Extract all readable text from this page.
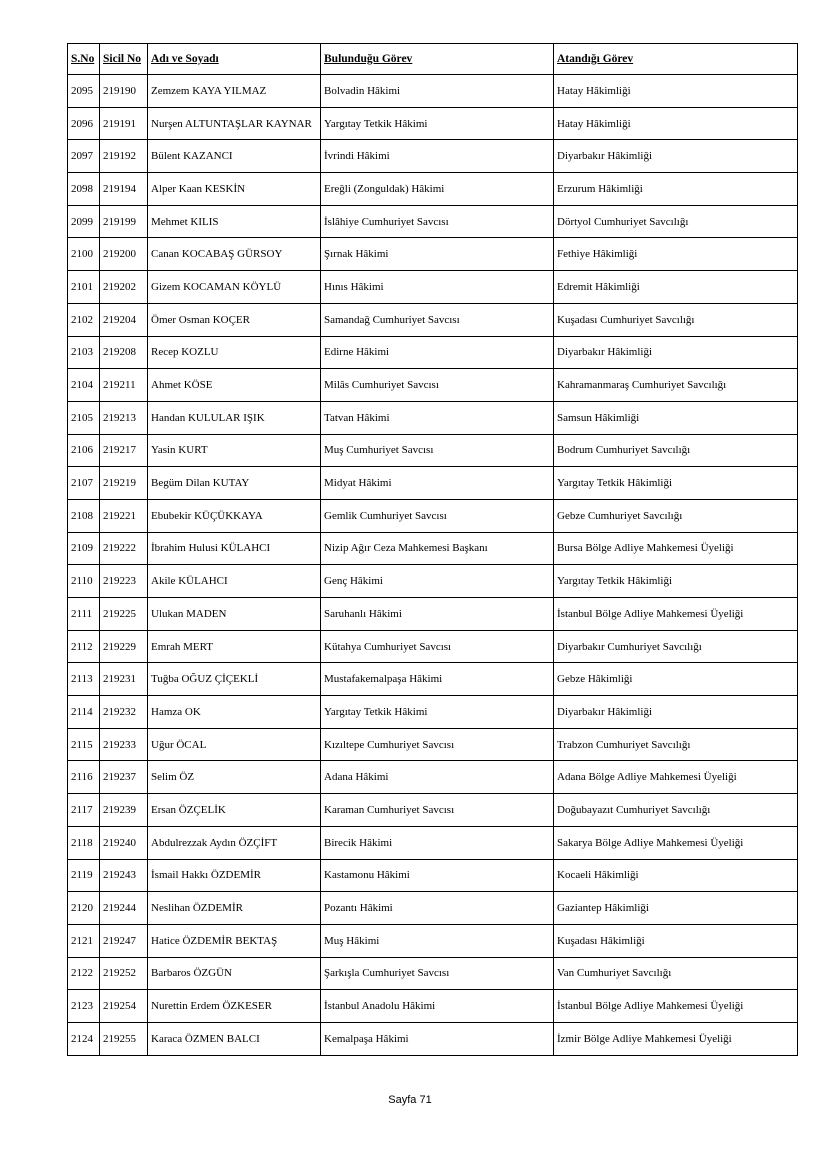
S.No	Sicil No	Adı ve Soyadı	Bulunduğu Görev	Atandığı Görev
2095	219190	Zemzem KAYA YILMAZ	Bolvadin Hâkimi	Hatay Hâkimliği
2096	219191	Nurşen ALTUNTAŞLAR KAYNAR	Yargıtay Tetkik Hâkimi	Hatay Hâkimliği
2097	219192	Bülent KAZANCI	İvrindi Hâkimi	Diyarbakır Hâkimliği
2098	219194	Alper Kaan KESKİN	Ereğli (Zonguldak) Hâkimi	Erzurum Hâkimliği
2099	219199	Mehmet KILIS	İslâhiye Cumhuriyet Savcısı	Dörtyol Cumhuriyet Savcılığı
2100	219200	Canan KOCABAŞ GÜRSOY	Şırnak Hâkimi	Fethiye Hâkimliği
2101	219202	Gizem KOCAMAN KÖYLÜ	Hınıs Hâkimi	Edremit Hâkimliği
2102	219204	Ömer Osman KOÇER	Samandağ Cumhuriyet Savcısı	Kuşadası Cumhuriyet Savcılığı
2103	219208	Recep KOZLU	Edirne Hâkimi	Diyarbakır Hâkimliği
2104	219211	Ahmet KÖSE	Milâs Cumhuriyet Savcısı	Kahramanmaraş Cumhuriyet Savcılığı
2105	219213	Handan KULULAR IŞIK	Tatvan Hâkimi	Samsun Hâkimliği
2106	219217	Yasin KURT	Muş Cumhuriyet Savcısı	Bodrum Cumhuriyet Savcılığı
2107	219219	Begüm Dilan KUTAY	Midyat Hâkimi	Yargıtay Tetkik Hâkimliği
2108	219221	Ebubekir KÜÇÜKKAYA	Gemlik Cumhuriyet Savcısı	Gebze Cumhuriyet Savcılığı
2109	219222	İbrahim Hulusi KÜLAHCI	Nizip Ağır Ceza Mahkemesi Başkanı	Bursa Bölge Adliye Mahkemesi Üyeliği
2110	219223	Akile KÜLAHCI	Genç Hâkimi	Yargıtay Tetkik Hâkimliği
2111	219225	Ulukan MADEN	Saruhanlı Hâkimi	İstanbul Bölge Adliye Mahkemesi Üyeliği
2112	219229	Emrah MERT	Kütahya Cumhuriyet Savcısı	Diyarbakır Cumhuriyet Savcılığı
2113	219231	Tuğba OĞUZ ÇİÇEKLİ	Mustafakemalpaşa Hâkimi	Gebze Hâkimliği
2114	219232	Hamza OK	Yargıtay Tetkik Hâkimi	Diyarbakır Hâkimliği
2115	219233	Uğur ÖCAL	Kızıltepe Cumhuriyet Savcısı	Trabzon Cumhuriyet Savcılığı
2116	219237	Selim ÖZ	Adana Hâkimi	Adana Bölge Adliye Mahkemesi Üyeliği
2117	219239	Ersan ÖZÇELİK	Karaman Cumhuriyet Savcısı	Doğubayazıt Cumhuriyet Savcılığı
2118	219240	Abdulrezzak Aydın ÖZÇİFT	Birecik Hâkimi	Sakarya Bölge Adliye Mahkemesi Üyeliği
2119	219243	İsmail Hakkı ÖZDEMİR	Kastamonu Hâkimi	Kocaeli Hâkimliği
2120	219244	Neslihan ÖZDEMİR	Pozantı Hâkimi	Gaziantep Hâkimliği
2121	219247	Hatice ÖZDEMİR BEKTAŞ	Muş Hâkimi	Kuşadası Hâkimliği
2122	219252	Barbaros ÖZGÜN	Şarkışla Cumhuriyet Savcısı	Van Cumhuriyet Savcılığı
2123	219254	Nurettin Erdem ÖZKESER	İstanbul Anadolu Hâkimi	İstanbul Bölge Adliye Mahkemesi Üyeliği
2124	219255	Karaca ÖZMEN BALCI	Kemalpaşa Hâkimi	İzmir Bölge Adliye Mahkemesi Üyeliği
Sayfa 71
